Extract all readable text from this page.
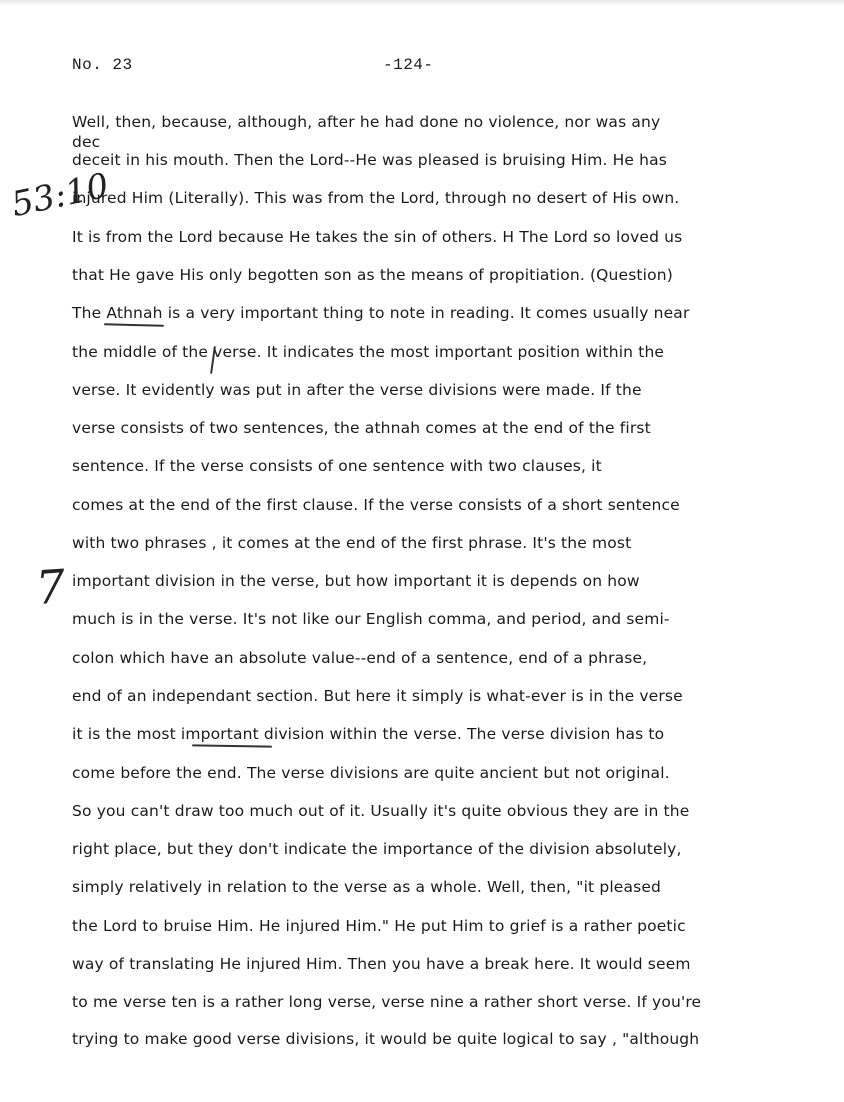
No. 23	-124-
53:10
7
Well, then, because, although, after he had done no violence, nor was any
dec
deceit in his mouth. Then the Lord--He was pleased is bruising Him. He has
injured Him (Literally). This was from the Lord, through no desert of His own.
It is from the Lord because He takes the sin of others. H The Lord so loved us
that He gave His only begotten son as the means of propitiation. (Question)
The Athnah is a very important thing to note in reading. It comes usually near
the middle of the verse. It indicates the most important position within the
verse. It evidently was put in after the verse divisions were made. If the
verse consists of two sentences, the athnah comes at the end of the first
sentence. If the verse consists of one sentence with two clauses, it
comes at the end of the first clause. If the verse consists of a short sentence
with two phrases , it comes at the end of the first phrase. It's the most
important division in the verse, but how important it is depends on how
much is in the verse. It's not like our English comma, and period, and semi-
colon which have an absolute value--end of a sentence, end of a phrase,
end of an independant section. But here it simply is what-ever is in the verse
it is the most important division within the verse. The verse division has to
come before the end. The verse divisions are quite ancient but not original.
So you can't draw too much out of it. Usually it's quite obvious they are in the
right place, but they don't indicate the importance of the division absolutely,
simply relatively in relation to the verse as a whole. Well, then, "it pleased
the Lord to bruise Him. He injured Him." He put Him to grief is a rather poetic
way of translating He injured Him. Then you have a break here. It would seem
to me verse ten is a rather long verse, verse nine a rather short verse. If you're
trying to make good verse divisions, it would be quite logical to say , "although
